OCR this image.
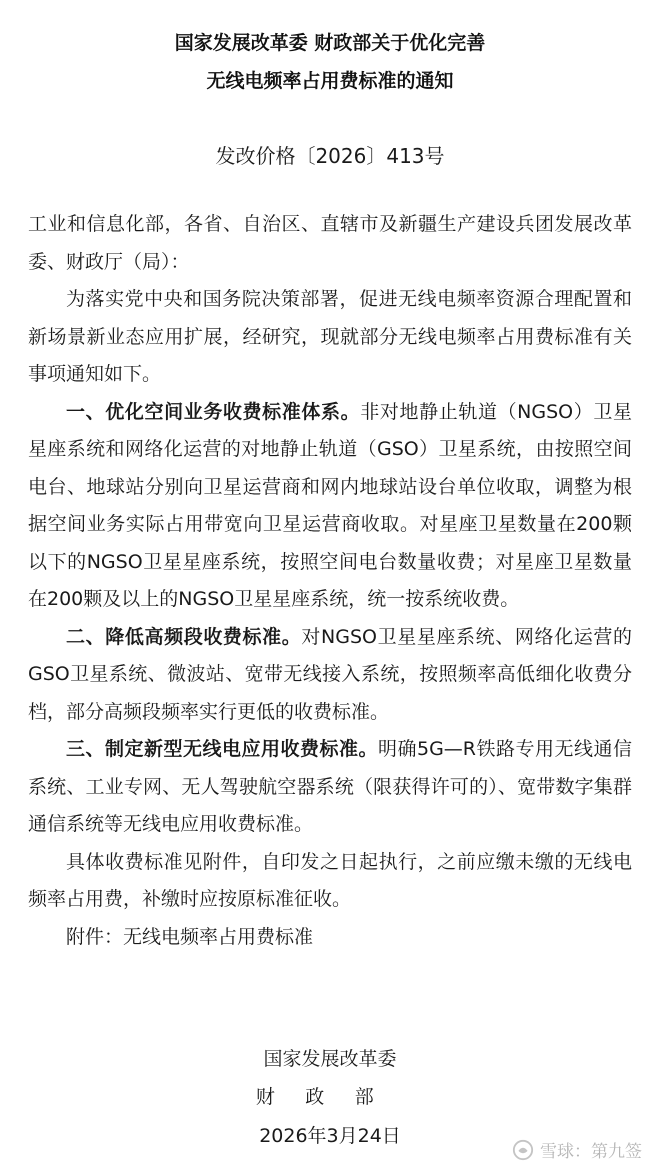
国家发展改革委 财政部关于优化完善
无线电频率占用费标准的通知
发改价格〔2026〕413号

工业和信息化部，各省、自治区、直辖市及新疆生产建设兵团发展改革委、财政厅（局）：

为落实党中央和国务院决策部署，促进无线电频率资源合理配置和新场景新业态应用扩展，经研究，现就部分无线电频率占用费标准有关事项通知如下。

一、优化空间业务收费标准体系。非对地静止轨道（NGSO）卫星星座系统和网络化运营的对地静止轨道（GSO）卫星系统，由按照空间电台、地球站分别向卫星运营商和网内地球站设台单位收取，调整为根据空间业务实际占用带宽向卫星运营商收取。对星座卫星数量在200颗以下的NGSO卫星星座系统，按照空间电台数量收费；对星座卫星数量在200颗及以上的NGSO卫星星座系统，统一按系统收费。

二、降低高频段收费标准。对NGSO卫星星座系统、网络化运营的GSO卫星系统、微波站、宽带无线接入系统，按照频率高低细化收费分档，部分高频段频率实行更低的收费标准。

三、制定新型无线电应用收费标准。明确5G—R铁路专用无线通信系统、工业专网、无人驾驶航空器系统（限获得许可的）、宽带数字集群通信系统等无线电应用收费标准。

具体收费标准见附件，自印发之日起执行，之前应缴未缴的无线电频率占用费，补缴时应按原标准征收。

附件：无线电频率占用费标准

国家发展改革委
财政部
2026年3月24日
雪球：第九签
